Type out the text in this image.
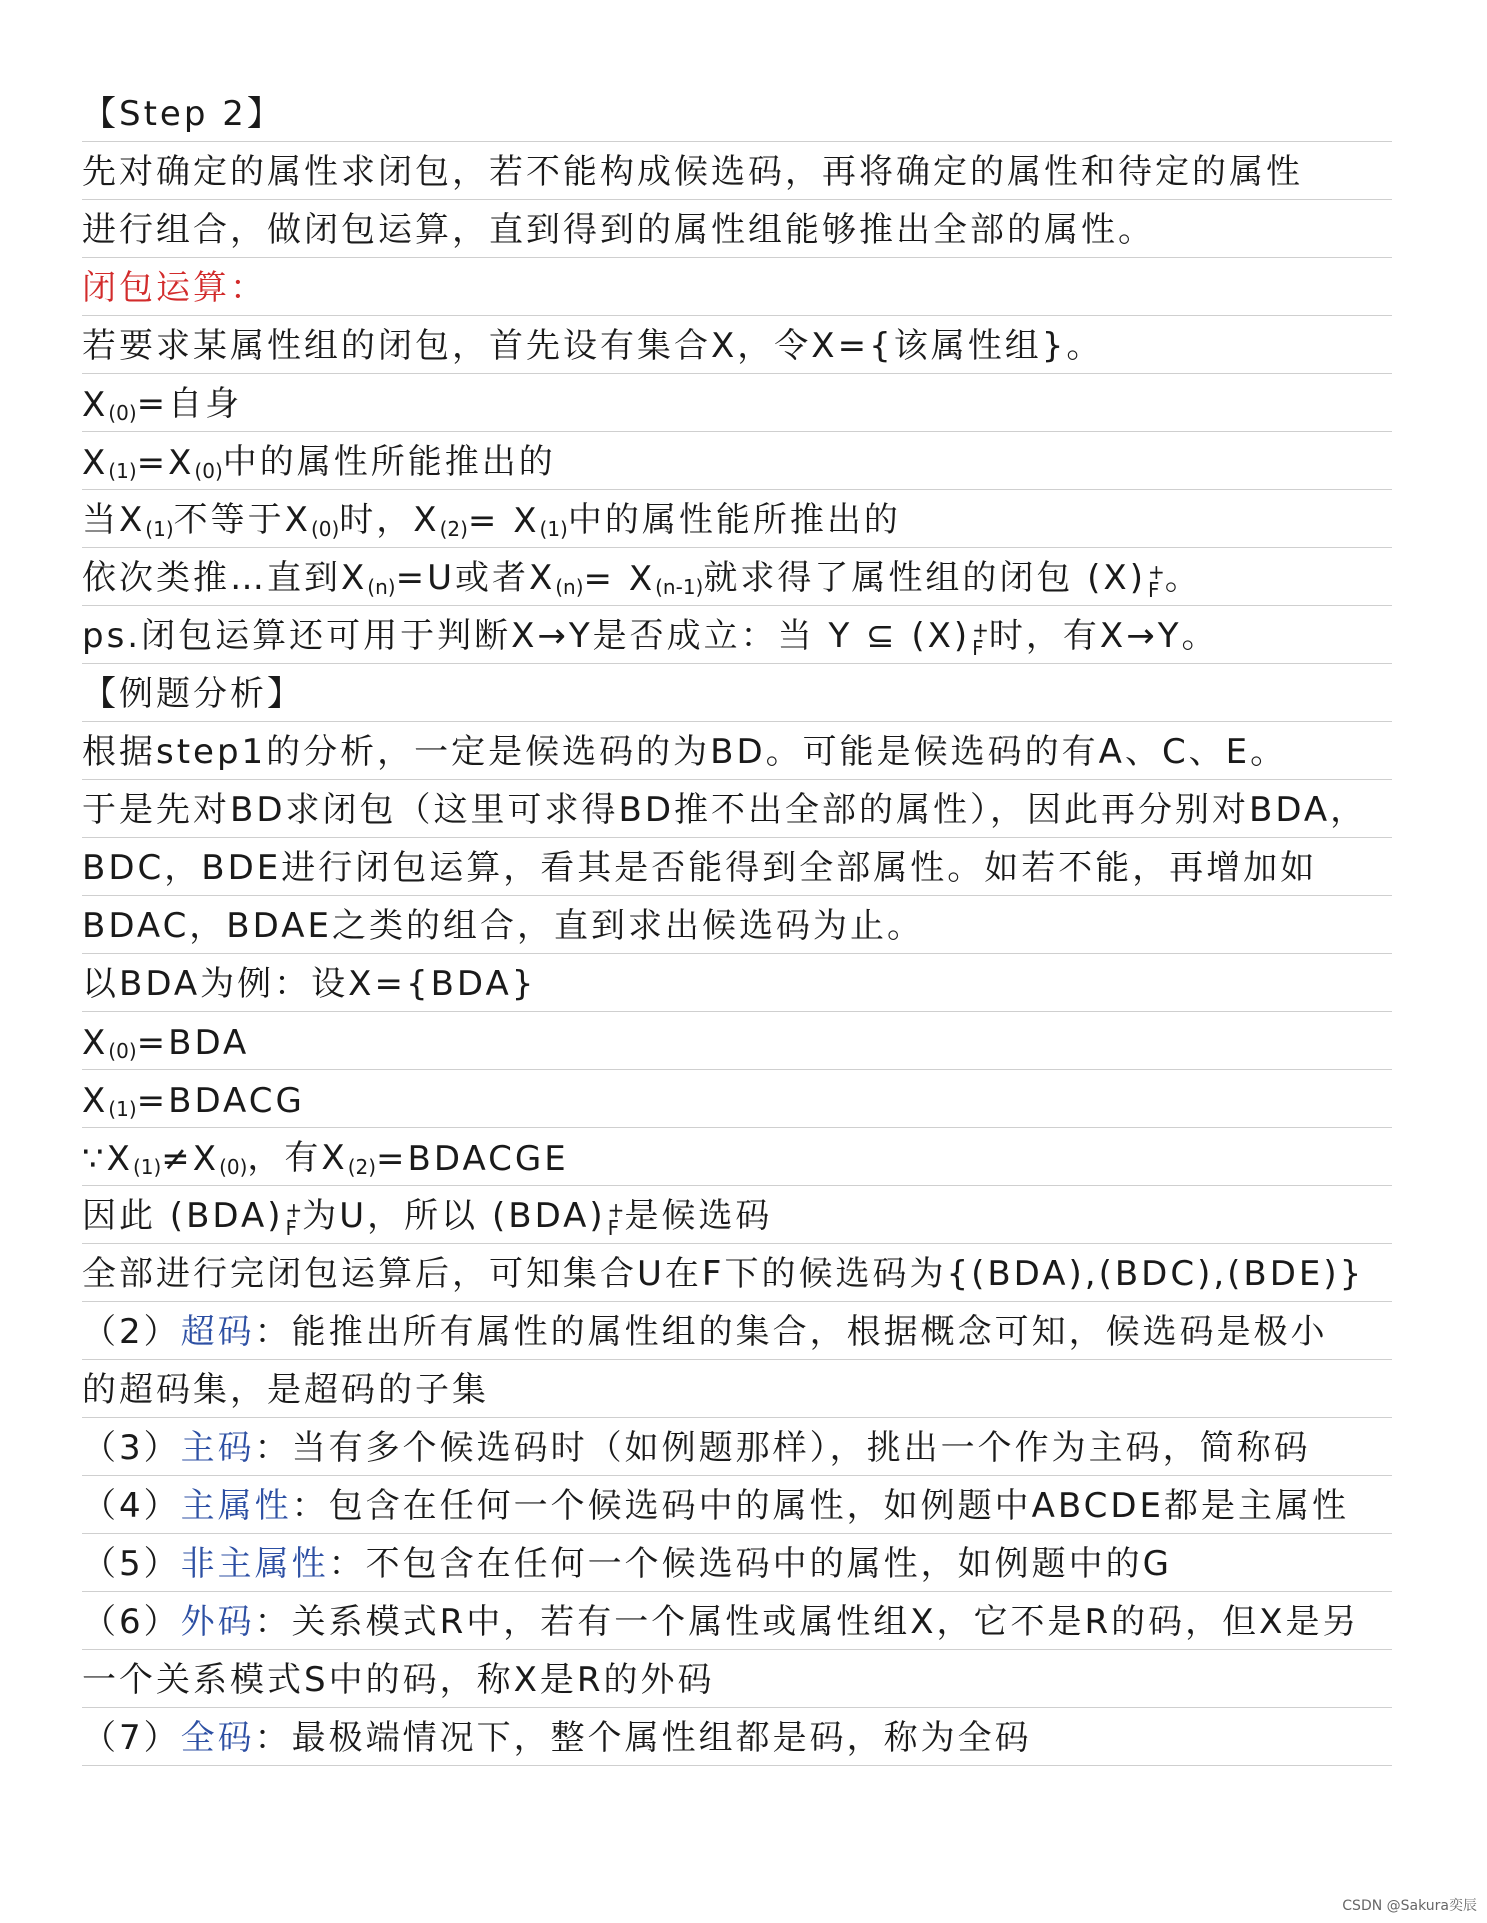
【Step 2】
先对确定的属性求闭包，若不能构成候选码，再将确定的属性和待定的属性
进行组合，做闭包运算，直到得到的属性组能够推出全部的属性。
闭包运算：
若要求某属性组的闭包，首先设有集合X，令X={该属性组}。
$X_{(0)}$ =自身
$X_{(1)} =X_{(0)}$ 中的属性所能推出的
当$X_{(1)}$ 不等于$X_{(0)}$ 时，$X_{(2)} = X_{(1)}$ 中的属性能所推出的
依次类推…直到$X_{(n)} =U$或者$X_{(n)} = X_{(n-1)}$ 就求得了属性组的闭包 (X) +
F 。
ps.闭包运算还可用于判断X→Y是否成立：当 Y ⊆ (X) +
F 时，有X→Y。
【例题分析】
根据step1的分析，一定是候选码的为BD。可能是候选码的有A、C、E。
于是先对BD求闭包（这里可求得BD推不出全部的属性），因此再分别对BDA，
BDC，BDE进行闭包运算，看其是否能得到全部属性。如若不能，再增加如
BDAC，BDAE之类的组合，直到求出候选码为止。
以BDA为例：设X={BDA}
$X_{(0)} =BDA$
$X_{(1)}$ =BDACG
$\because X_{(1)} \ne X_{(0)}$ ，有$X_{(2)}$ =BDACGE
因此 (BDA) +
F 为U，所以 (BDA) +
F 是候选码
全部进行完闭包运算后，可知集合U在F下的候选码为{(BDA),(BDC),(BDE)}
（2） 超码 ：能推出所有属性的属性组的集合，根据概念可知，候选码是极小
的超码集，是超码的子集
（3） 主码 ：当有多个候选码时（如例题那样），挑出一个作为主码，简称码
（4） 主属性 ：包含在任何一个候选码中的属性，如例题中ABCDE都是主属性
（5） 非主属性 ：不包含在任何一个候选码中的属性，如例题中的G
（6） 外码 ：关系模式R中，若有一个属性或属性组X，它不是R的码，但X是另
一个关系模式S中的码，称X是R的外码
（7） 全码 ：最极端情况下，整个属性组都是码，称为全码
CSDN @Sakura奕辰
